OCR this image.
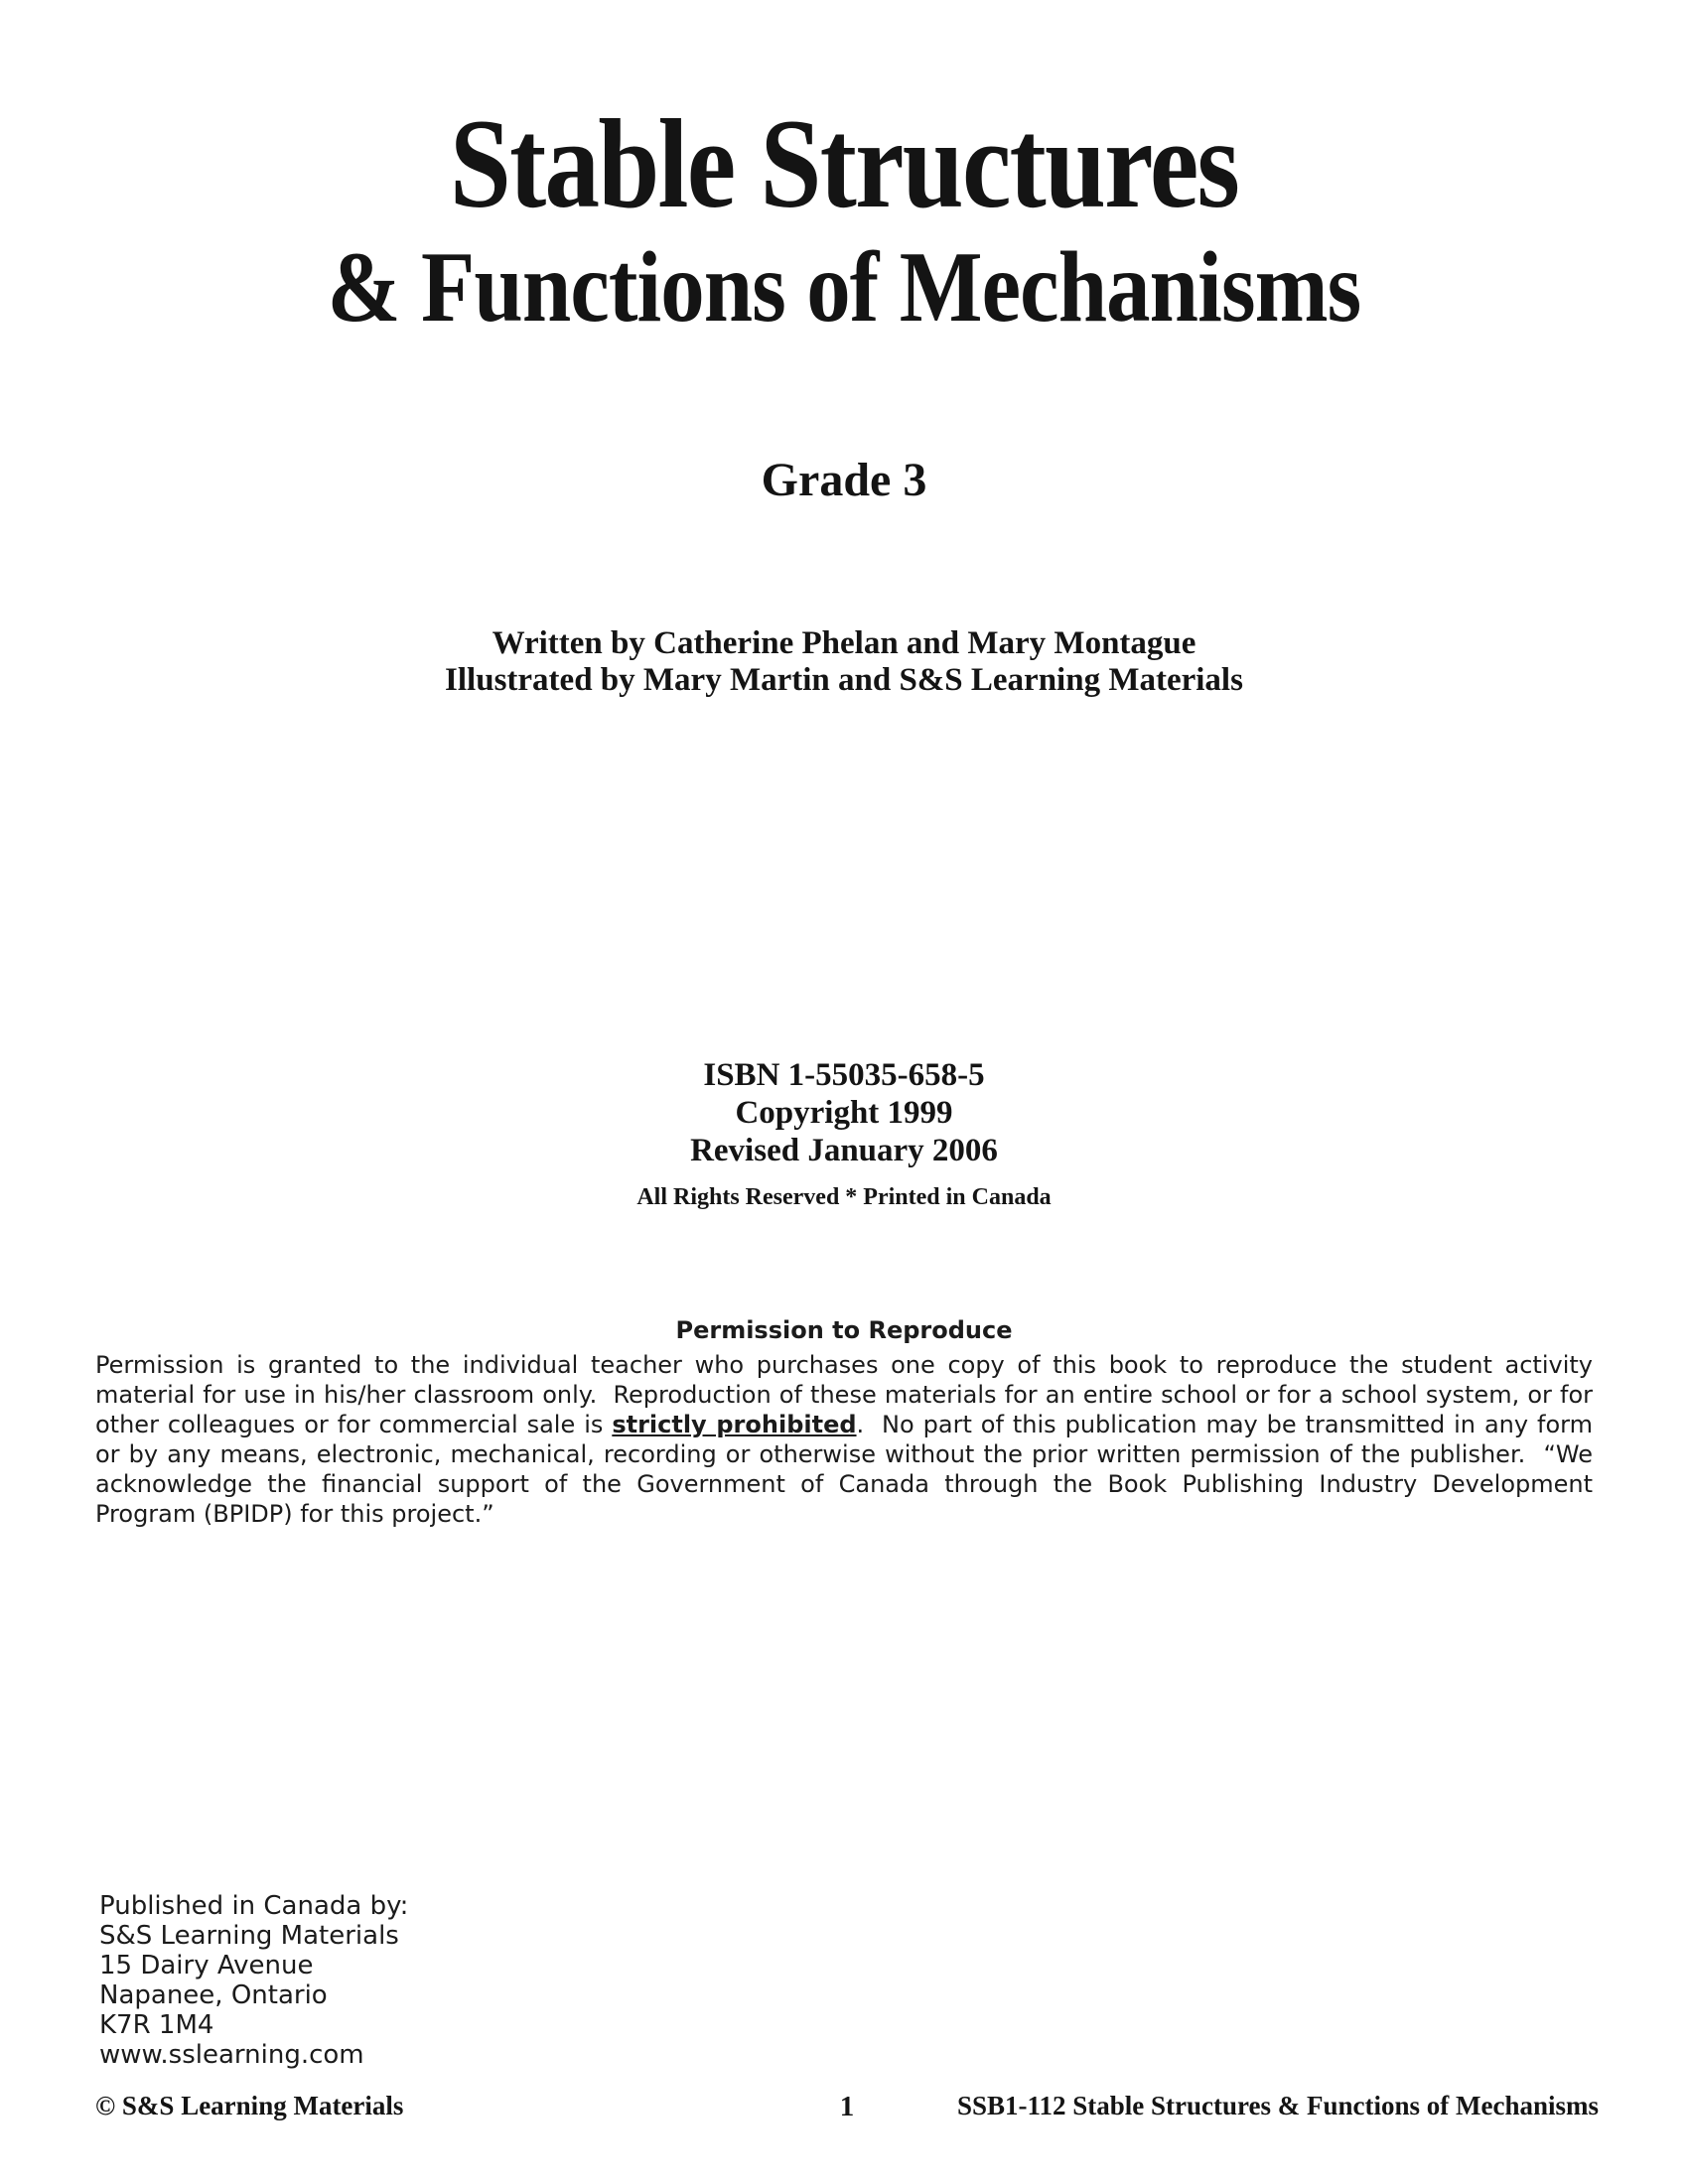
Stable Structures
& Functions of Mechanisms
Grade 3
Written by Catherine Phelan and Mary Montague
Illustrated by Mary Martin and S&S Learning Materials
ISBN 1-55035-658-5
Copyright 1999
Revised January 2006
All Rights Reserved * Printed in Canada
Permission to Reproduce

Permission is granted to the individual teacher who purchases one copy of this book to reproduce the student activity material for use in his/her classroom only.  Reproduction of these materials for an entire school or for a school system, or for other colleagues or for commercial sale is strictly prohibited.  No part of this publication may be transmitted in any form or by any means, electronic, mechanical, recording or otherwise without the prior written permission of the publisher.  “We acknowledge the financial support of the Government of Canada through the Book Publishing Industry Development Program (BPIDP) for this project.”

Published in Canada by:
S&S Learning Materials
15 Dairy Avenue
Napanee, Ontario
K7R 1M4
www.sslearning.com
© S&S Learning Materials	1	SSB1-112 Stable Structures & Functions of Mechanisms
